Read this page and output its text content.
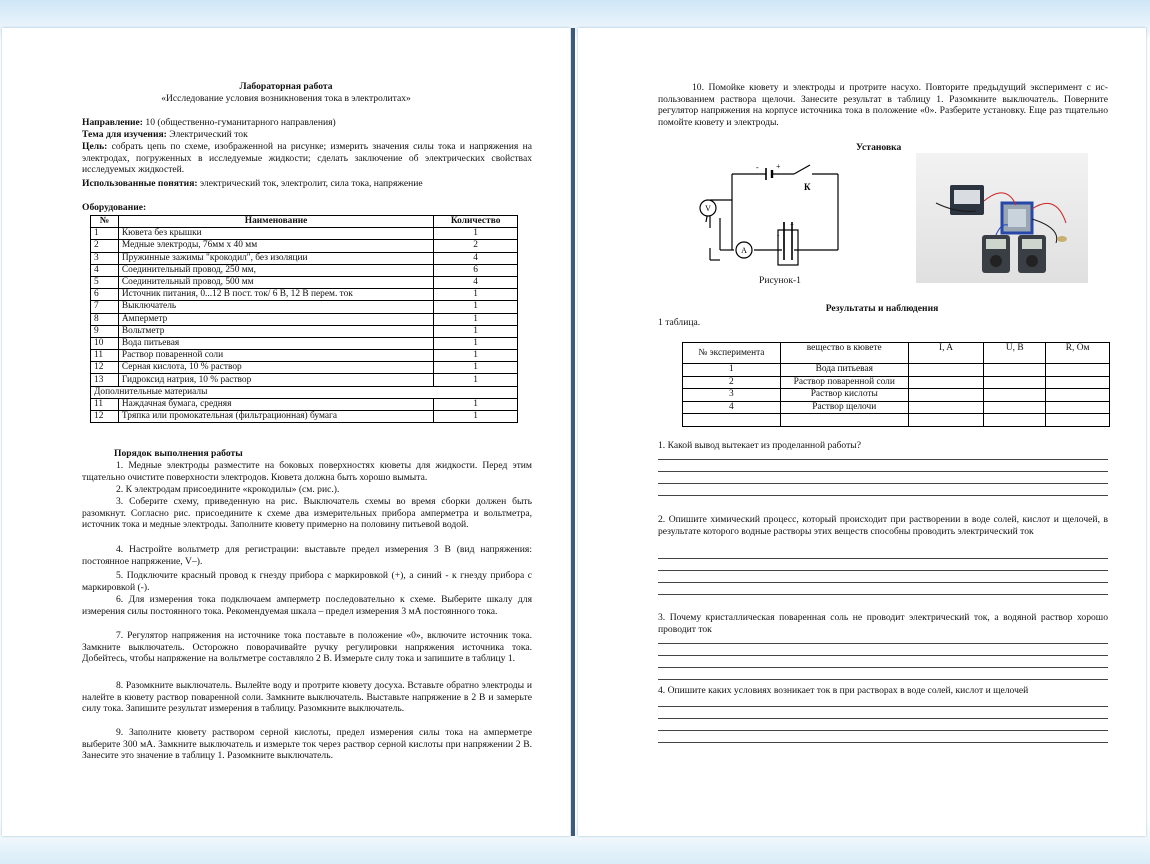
Лабораторная работа
«Исследование условия возникновения тока в электролитах»
Направление: 10 (общественно-гуманитарного направления)
Тема для изучения: Электрический ток
Цель: собрать цепь по схеме, изображенной на рисунке; измерить значения силы тока и напряжения на электродах, погруженных в исследуемые жидкости; сделать заключение об электрических свойствах исследуемых жидкостей.
Использованные понятия: электрический ток, электролит, сила тока, напряжение
Оборудование:
№	Наименование	Количество
1	Кювета без крышки	1
2	Медные электроды, 76мм х 40 мм	2
3	Пружинные зажимы "крокодил", без изоляции	4
4	Соединительный провод, 250 мм,	6
5	Соединительный провод, 500 мм	4
6	Источник питания, 0...12 В пост. ток/ 6 В, 12 В перем. ток	1
7	Выключатель	1
8	Амперметр	1
9	Вольтметр	1
10	Вода питьевая	1
11	Раствор поваренной соли	1
12	Серная кислота, 10 % раствор	1
13	Гидроксид натрия, 10 % раствор	1
Дополнительные материалы		
11	Наждачная бумага, средняя	1
12	Тряпка или промокательная (фильтрационная) бумага	1
Порядок выполнения работы
1. Медные электроды разместите на боковых поверхностях кюветы для жидкости. Перед этим тщательно очистите поверхности электродов. Кювета должна быть хорошо вымыта.
2. К электродам присоедините «крокодилы» (см. рис.).
3. Соберите схему, приведенную на рис. Выключатель схемы во время сборки должен быть разомкнут. Согласно рис. присоедините к схеме два измерительных прибора амперметра и вольтметра, источник тока и медные электроды. Заполните кювету примерно на половину питьевой водой.
4. Настройте вольтметр для регистрации: выставьте предел измерения 3 В (вид напряжения: постоянное напряжение, V–).
5. Подключите красный провод к гнезду прибора с маркировкой (+), а синий - к гнезду прибора с маркировкой (-).
6. Для измерения тока подключаем амперметр последовательно к схеме. Выберите шкалу для измерения силы постоянного тока. Рекомендуемая шкала – предел измерения 3 мА постоянного тока.
7. Регулятор напряжения на источнике тока поставьте в положение «0», включите источник тока. Замкните выключатель. Осторожно поворачивайте ручку регулировки напряжения источника тока. Добейтесь, чтобы напряжение на вольтметре составляло 2 В. Измерьте силу тока и запишите в таблицу 1.
8. Разомкните выключатель. Вылейте воду и протрите кювету досуха. Вставьте обратно электроды и налейте в кювету раствор поваренной соли. Замкните выключатель. Выставьте напряжение в 2 В и замерьте силу тока. Запишите результат измерения в таблицу. Разомкните выключатель.
9. Заполните кювету раствором серной кислоты, предел измерения силы тока на амперметре выберите 300 мА. Замкните выключатель и измерьте ток через раствор серной кислоты при напряжении 2 В. Занесите это значение в таблицу 1. Разомкните выключатель.
10. Помойке кювету и электроды и протрите насухо. Повторите предыдущий эксперимент с ис- пользованием раствора щелочи. Занесите результат в таблицу 1. Разомкните выключатель. Поверните регулятор напряжения на корпусе источника тока в положение «0». Разберите установку. Еще раз тщательно помойте кювету и электроды.
Установка
V
A
К
- +
-
+
Рисунок-1
Результаты и наблюдения
1 таблица.
№ эксперимента	вещество в кювете	I, A	U, В	R, Ом
1	Вода питьевая			
2	Раствор поваренной соли			
3	Раствор кислоты			
4	Раствор щелочи			

1. Какой вывод вытекает из проделанной работы?
2. Опишите химический процесс, который происходит при растворении в воде солей, кислот и щелочей, в результате которого водные растворы этих веществ способны проводить электрический ток
3. Почему кристаллическая поваренная соль не проводит электрический ток, а водяной раствор хорошо проводит ток
4. Опишите каких условиях возникает ток в при растворах в воде солей, кислот и щелочей
